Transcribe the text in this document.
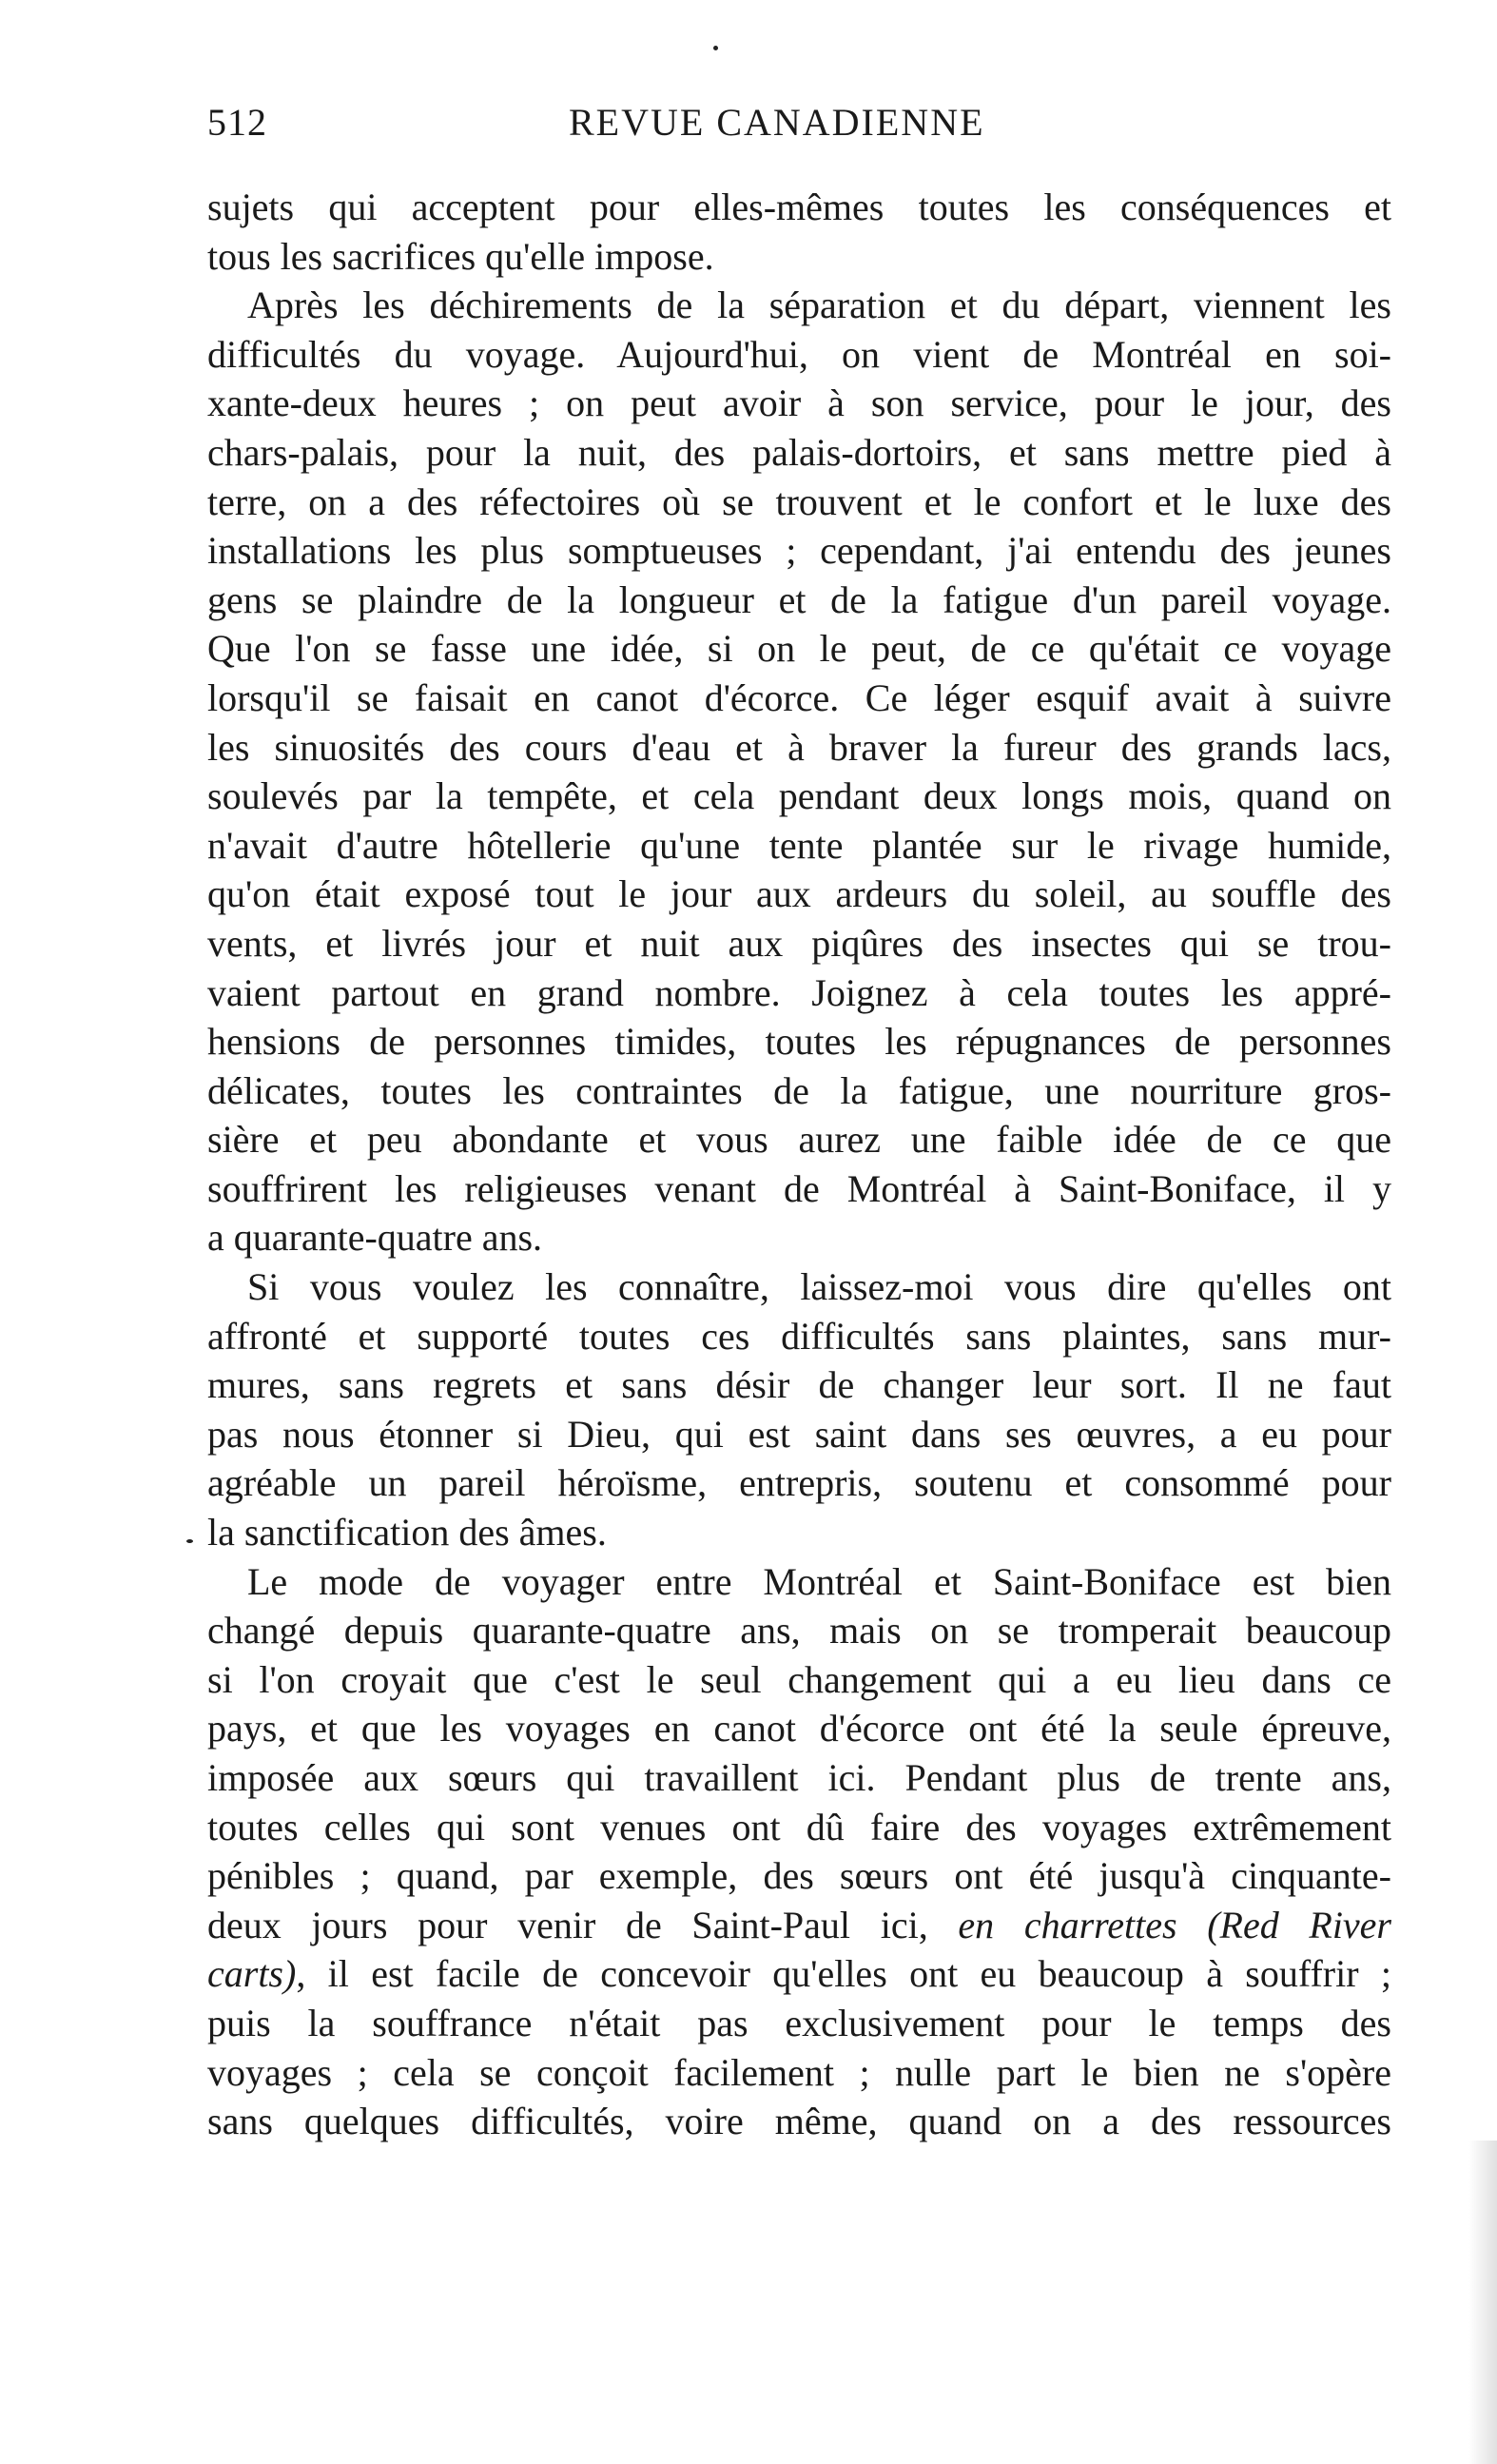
512	REVUE CANADIENNE
sujets qui acceptent pour elles-mêmes toutes les conséquences et
tous les sacrifices qu'elle impose.
Après les déchirements de la séparation et du départ, viennent les
difficultés du voyage. Aujourd'hui, on vient de Montréal en soi-
xante-deux heures ; on peut avoir à son service, pour le jour, des
chars-palais, pour la nuit, des palais-dortoirs, et sans mettre pied à
terre, on a des réfectoires où se trouvent et le confort et le luxe des
installations les plus somptueuses ; cependant, j'ai entendu des jeunes
gens se plaindre de la longueur et de la fatigue d'un pareil voyage.
Que l'on se fasse une idée, si on le peut, de ce qu'était ce voyage
lorsqu'il se faisait en canot d'écorce. Ce léger esquif avait à suivre
les sinuosités des cours d'eau et à braver la fureur des grands lacs,
soulevés par la tempête, et cela pendant deux longs mois, quand on
n'avait d'autre hôtellerie qu'une tente plantée sur le rivage humide,
qu'on était exposé tout le jour aux ardeurs du soleil, au souffle des
vents, et livrés jour et nuit aux piqûres des insectes qui se trou-
vaient partout en grand nombre. Joignez à cela toutes les appré-
hensions de personnes timides, toutes les répugnances de personnes
délicates, toutes les contraintes de la fatigue, une nourriture gros-
sière et peu abondante et vous aurez une faible idée de ce que
souffrirent les religieuses venant de Montréal à Saint-Boniface, il y
a quarante-quatre ans.
Si vous voulez les connaître, laissez-moi vous dire qu'elles ont
affronté et supporté toutes ces difficultés sans plaintes, sans mur-
mures, sans regrets et sans désir de changer leur sort. Il ne faut
pas nous étonner si Dieu, qui est saint dans ses œuvres, a eu pour
agréable un pareil héroïsme, entrepris, soutenu et consommé pour
la sanctification des âmes.
Le mode de voyager entre Montréal et Saint-Boniface est bien
changé depuis quarante-quatre ans, mais on se tromperait beaucoup
si l'on croyait que c'est le seul changement qui a eu lieu dans ce
pays, et que les voyages en canot d'écorce ont été la seule épreuve,
imposée aux sœurs qui travaillent ici. Pendant plus de trente ans,
toutes celles qui sont venues ont dû faire des voyages extrêmement
pénibles ; quand, par exemple, des sœurs ont été jusqu'à cinquante-
deux jours pour venir de Saint-Paul ici, en charrettes (Red River
carts), il est facile de concevoir qu'elles ont eu beaucoup à souffrir ;
puis la souffrance n'était pas exclusivement pour le temps des
voyages ; cela se conçoit facilement ; nulle part le bien ne s'opère
sans quelques difficultés, voire même, quand on a des ressources
